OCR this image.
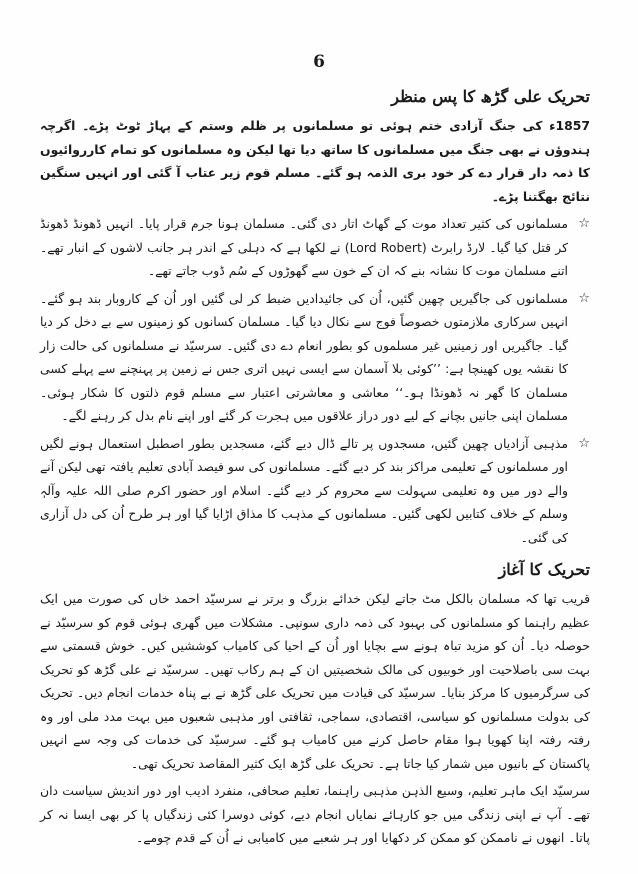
6
تحریک علی گڑھ کا پس منظر

1857ء کی جنگ آزادی ختم ہوئی تو مسلمانوں پر ظلم وستم کے پہاڑ ٹوٹ پڑے۔ اگرچہ ہندوؤں نے بھی جنگ میں مسلمانوں کا ساتھ دیا تھا لیکن وہ مسلمانوں کو تمام کارروائیوں کا ذمہ دار قرار دے کر خود بری الذمہ ہو گئے۔ مسلم قوم زیر عتاب آ گئی اور انہیں سنگین نتائج بھگتنا پڑے۔

☆
مسلمانوں کی کثیر تعداد موت کے گھاٹ اتار دی گئی۔ مسلمان ہونا جرم قرار پایا۔ انہیں ڈھونڈ ڈھونڈ کر قتل کیا گیا۔ لارڈ رابرٹ (Lord Robert) نے لکھا ہے کہ دہلی کے اندر ہر جانب لاشوں کے انبار تھے۔ اتنے مسلمان موت کا نشانہ بنے کہ ان کے خون سے گھوڑوں کے سُم ڈوب جاتے تھے۔
☆
مسلمانوں کی جاگیریں چھین گئیں، اُن کی جائیدادیں ضبط کر لی گئیں اور اُن کے کاروبار بند ہو گئے۔ انہیں سرکاری ملازمتوں خصوصاً فوج سے نکال دیا گیا۔ مسلمان کسانوں کو زمینوں سے بے دخل کر دیا گیا۔ جاگیریں اور زمینیں غیر مسلموں کو بطور انعام دے دی گئیں۔ سرسیّد نے مسلمانوں کی حالت زار کا نقشہ یوں کھینچا ہے: ’’کوئی بلا آسمان سے ایسی نہیں اتری جس نے زمین پر پہنچنے سے پہلے کسی مسلمان کا گھر نہ ڈھونڈا ہو۔‘‘ معاشی و معاشرتی اعتبار سے مسلم قوم ذلتوں کا شکار ہوئی۔ مسلمان اپنی جانیں بچانے کے لیے دور دراز علاقوں میں ہجرت کر گئے اور اپنے نام بدل کر رہنے لگے۔
☆
مذہبی آزادیاں چھین گئیں، مسجدوں پر تالے ڈال دیے گئے، مسجدیں بطور اصطبل استعمال ہونے لگیں اور مسلمانوں کے تعلیمی مراکز بند کر دیے گئے۔ مسلمانوں کی سو فیصد آبادی تعلیم یافتہ تھی لیکن آنے والے دور میں وہ تعلیمی سہولت سے محروم کر دیے گئے۔ اسلام اور حضور اکرم صلی اللہ علیہ وآلہٖ وسلم کے خلاف کتابیں لکھی گئیں۔ مسلمانوں کے مذہب کا مذاق اڑایا گیا اور ہر طرح اُن کی دل آزاری کی گئی۔
تحریک کا آغاز

قریب تھا کہ مسلمان بالکل مٹ جاتے لیکن خدائے بزرگ و برتر نے سرسیّد احمد خاں کی صورت میں ایک عظیم راہنما کو مسلمانوں کی بہبود کی ذمہ داری سونپی۔ مشکلات میں گھری ہوئی قوم کو سرسیّد نے حوصلہ دیا۔ اُن کو مزید تباہ ہونے سے بچایا اور اُن کے احیا کی کامیاب کوششیں کیں۔ خوش قسمتی سے بہت سی باصلاحیت اور خوبیوں کی مالک شخصیتیں ان کے ہم رکاب تھیں۔ سرسیّد نے علی گڑھ کو تحریک کی سرگرمیوں کا مرکز بنایا۔ سرسیّد کی قیادت میں تحریک علی گڑھ نے بے پناہ خدمات انجام دیں۔ تحریک کی بدولت مسلمانوں کو سیاسی، اقتصادی، سماجی، ثقافتی اور مذہبی شعبوں میں بہت مدد ملی اور وہ رفتہ رفتہ اپنا کھویا ہوا مقام حاصل کرنے میں کامیاب ہو گئے۔ سرسیّد کی خدمات کی وجہ سے انہیں پاکستان کے بانیوں میں شمار کیا جاتا ہے۔ تحریک علی گڑھ ایک کثیر المقاصد تحریک تھی۔

سرسیّد ایک ماہر تعلیم، وسیع الذہن مذہبی راہنما، تعلیم صحافی، منفرد ادیب اور دور اندیش سیاست دان تھے۔ آپ نے اپنی زندگی میں جو کارہائے نمایاں انجام دیے، کوئی دوسرا کئی زندگیاں پا کر بھی ایسا نہ کر پاتا۔ انھوں نے ناممکن کو ممکن کر دکھایا اور ہر شعبے میں کامیابی نے اُن کے قدم چومے۔
